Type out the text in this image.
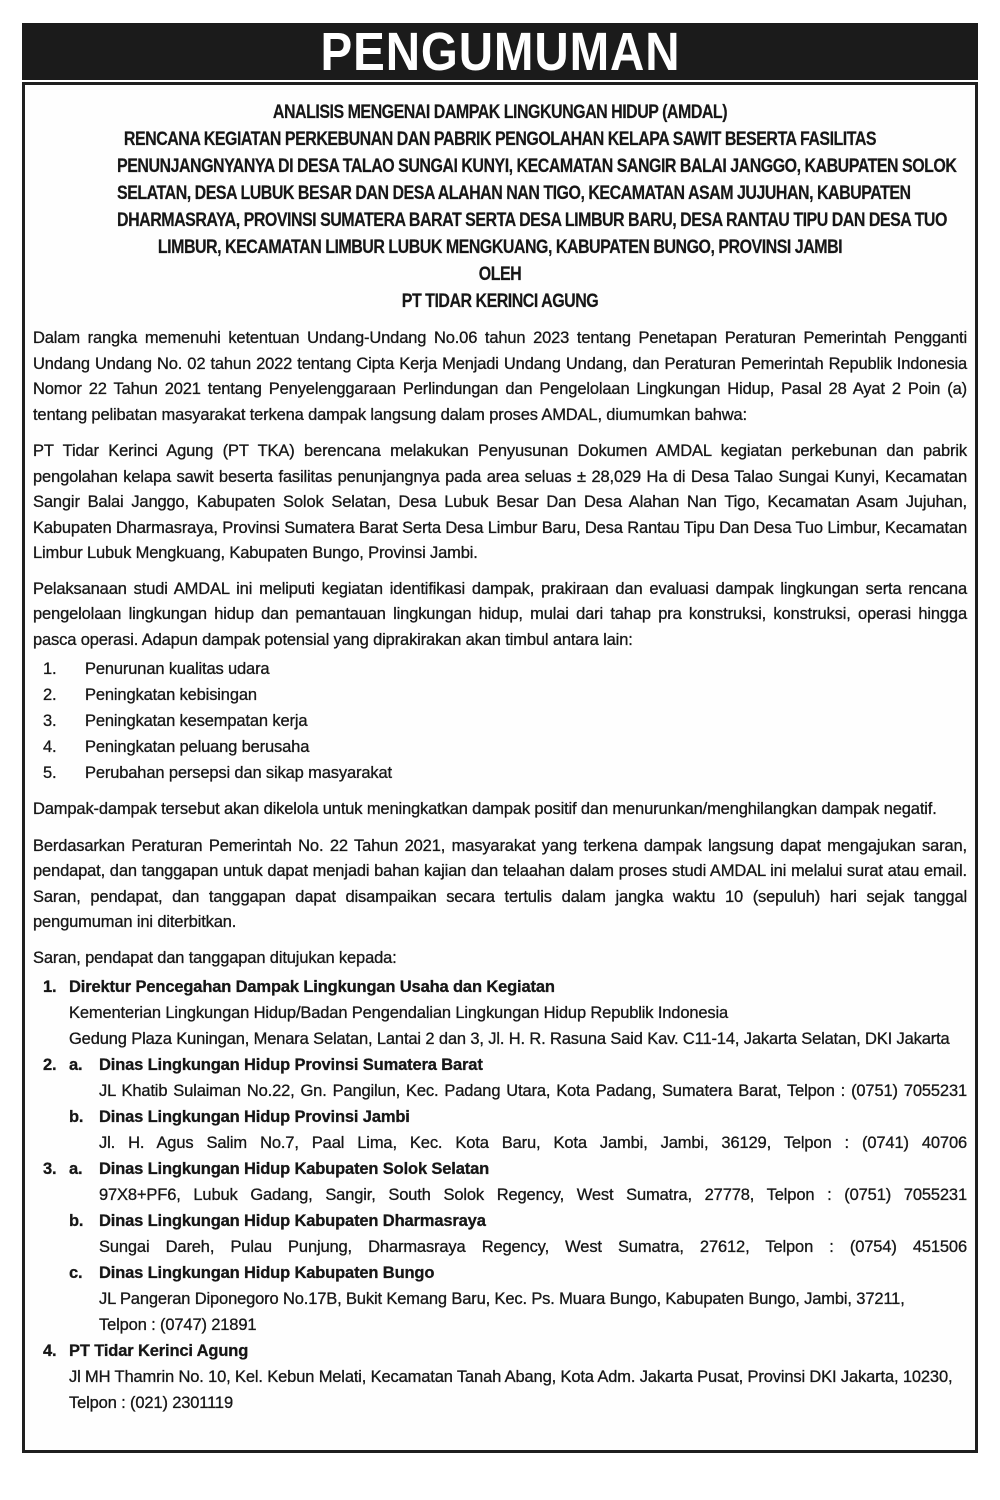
PENGUMUMAN
ANALISIS MENGENAI DAMPAK LINGKUNGAN HIDUP (AMDAL)
RENCANA KEGIATAN PERKEBUNAN DAN PABRIK PENGOLAHAN KELAPA SAWIT BESERTA FASILITAS
PENUNJANGNYANYA DI DESA TALAO SUNGAI KUNYI, KECAMATAN SANGIR BALAI JANGGO, KABUPATEN SOLOK
SELATAN, DESA LUBUK BESAR DAN DESA ALAHAN NAN TIGO, KECAMATAN ASAM JUJUHAN, KABUPATEN
DHARMASRAYA, PROVINSI SUMATERA BARAT SERTA DESA LIMBUR BARU, DESA RANTAU TIPU DAN DESA TUO
LIMBUR, KECAMATAN LIMBUR LUBUK MENGKUANG, KABUPATEN BUNGO, PROVINSI JAMBI
OLEH
PT TIDAR KERINCI AGUNG

Dalam rangka memenuhi ketentuan Undang-Undang No.06 tahun 2023 tentang Penetapan Peraturan Pemerintah Pengganti Undang Undang No. 02 tahun 2022 tentang Cipta Kerja Menjadi Undang Undang, dan Peraturan Pemerintah Republik Indonesia Nomor 22 Tahun 2021 tentang Penyelenggaraan Perlindungan dan Pengelolaan Lingkungan Hidup, Pasal 28 Ayat 2 Poin (a) tentang pelibatan masyarakat terkena dampak langsung dalam proses AMDAL, diumumkan bahwa:

PT Tidar Kerinci Agung (PT TKA) berencana melakukan Penyusunan Dokumen AMDAL kegiatan perkebunan dan pabrik pengolahan kelapa sawit beserta fasilitas penunjangnya pada area seluas ± 28,029 Ha di Desa Talao Sungai Kunyi, Kecamatan Sangir Balai Janggo, Kabupaten Solok Selatan, Desa Lubuk Besar Dan Desa Alahan Nan Tigo, Kecamatan Asam Jujuhan, Kabupaten Dharmasraya, Provinsi Sumatera Barat Serta Desa Limbur Baru, Desa Rantau Tipu Dan Desa Tuo Limbur, Kecamatan Limbur Lubuk Mengkuang, Kabupaten Bungo, Provinsi Jambi.

Pelaksanaan studi AMDAL ini meliputi kegiatan identifikasi dampak, prakiraan dan evaluasi dampak lingkungan serta rencana pengelolaan lingkungan hidup dan pemantauan lingkungan hidup, mulai dari tahap pra konstruksi, konstruksi, operasi hingga pasca operasi. Adapun dampak potensial yang diprakirakan akan timbul antara lain:

1.	Penurunan kualitas udara
2.	Peningkatan kebisingan
3.	Peningkatan kesempatan kerja
4.	Peningkatan peluang berusaha
5.	Perubahan persepsi dan sikap masyarakat

Dampak-dampak tersebut akan dikelola untuk meningkatkan dampak positif dan menurunkan/menghilangkan dampak negatif.

Berdasarkan Peraturan Pemerintah No. 22 Tahun 2021, masyarakat yang terkena dampak langsung dapat mengajukan saran, pendapat, dan tanggapan untuk dapat menjadi bahan kajian dan telaahan dalam proses studi AMDAL ini melalui surat atau email. Saran, pendapat, dan tanggapan dapat disampaikan secara tertulis dalam jangka waktu 10 (sepuluh) hari sejak tanggal pengumuman ini diterbitkan.

Saran, pendapat dan tanggapan ditujukan kepada:

1. Direktur Pencegahan Dampak Lingkungan Usaha dan Kegiatan
Kementerian Lingkungan Hidup/Badan Pengendalian Lingkungan Hidup Republik Indonesia
Gedung Plaza Kuningan, Menara Selatan, Lantai 2 dan 3, Jl. H. R. Rasuna Said Kav. C11-14, Jakarta Selatan, DKI Jakarta
2. a.	Dinas Lingkungan Hidup Provinsi Sumatera Barat
JL Khatib Sulaiman No.22, Gn. Pangilun, Kec. Padang Utara, Kota Padang, Sumatera Barat, Telpon : (0751) 7055231
b. Dinas Lingkungan Hidup Provinsi Jambi
Jl. H. Agus Salim No.7, Paal Lima, Kec. Kota Baru, Kota Jambi, Jambi, 36129, Telpon : (0741) 40706
3. a.	Dinas Lingkungan Hidup Kabupaten Solok Selatan
97X8+PF6, Lubuk Gadang, Sangir, South Solok Regency, West Sumatra, 27778, Telpon : (0751) 7055231
b. Dinas Lingkungan Hidup Kabupaten Dharmasraya
Sungai Dareh, Pulau Punjung, Dharmasraya Regency, West Sumatra, 27612, Telpon : (0754) 451506
c.	Dinas Lingkungan Hidup Kabupaten Bungo
JL Pangeran Diponegoro No.17B, Bukit Kemang Baru, Kec. Ps. Muara Bungo, Kabupaten Bungo, Jambi, 37211,
Telpon : (0747) 21891
4. PT Tidar Kerinci Agung
Jl MH Thamrin No. 10, Kel. Kebun Melati, Kecamatan Tanah Abang, Kota Adm. Jakarta Pusat, Provinsi DKI Jakarta, 10230,
Telpon : (021) 2301119
